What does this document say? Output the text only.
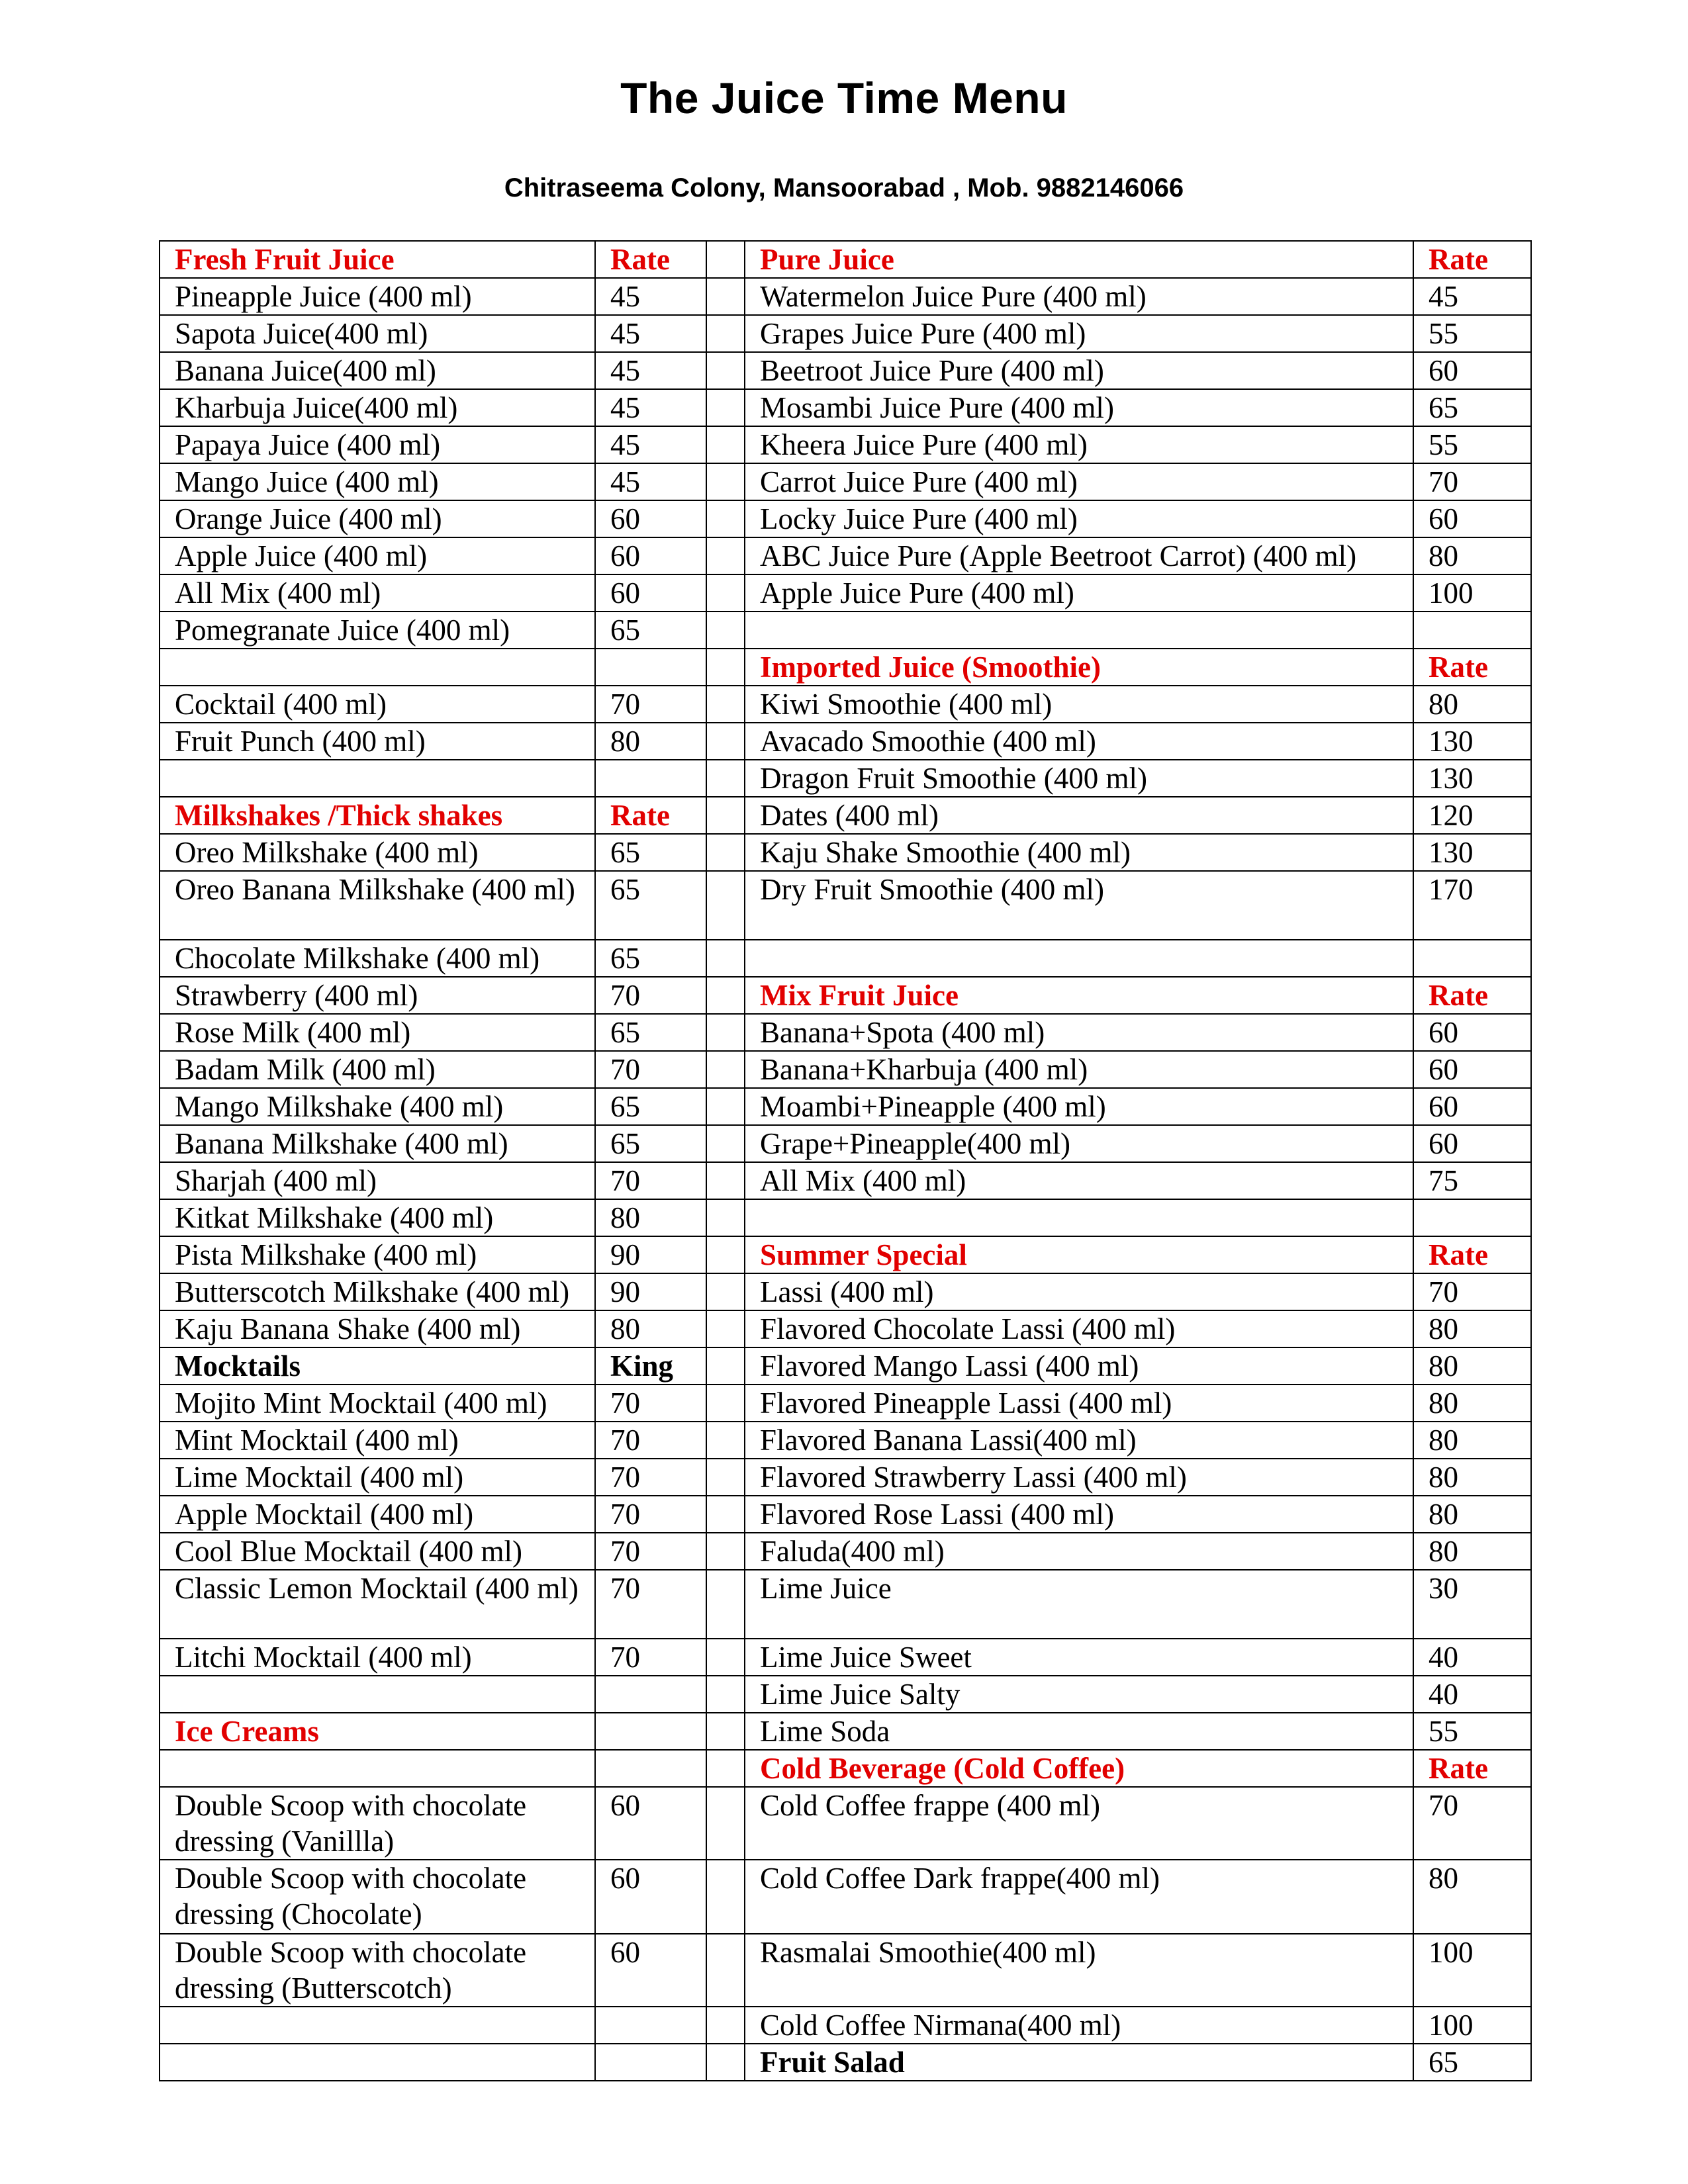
The Juice Time Menu
Chitraseema Colony, Mansoorabad , Mob. 9882146066
Fresh Fruit Juice	Rate		Pure Juice	Rate
Pineapple Juice (400 ml)	45		Watermelon Juice Pure (400 ml)	45
Sapota Juice(400 ml)	45		Grapes Juice Pure (400 ml)	55
Banana Juice(400 ml)	45		Beetroot Juice Pure (400 ml)	60
Kharbuja Juice(400 ml)	45		Mosambi Juice Pure (400 ml)	65
Papaya Juice (400 ml)	45		Kheera Juice Pure (400 ml)	55
Mango Juice (400 ml)	45		Carrot Juice Pure (400 ml)	70
Orange Juice (400 ml)	60		Locky Juice Pure (400 ml)	60
Apple Juice (400 ml)	60		ABC Juice Pure (Apple Beetroot Carrot) (400 ml)	80
All Mix (400 ml)	60		Apple Juice Pure (400 ml)	100
Pomegranate Juice (400 ml)	65			
			Imported Juice (Smoothie)	Rate
Cocktail (400 ml)	70		Kiwi Smoothie (400 ml)	80
Fruit Punch (400 ml)	80		Avacado Smoothie (400 ml)	130
			Dragon Fruit Smoothie (400 ml)	130
Milkshakes /Thick shakes	Rate		Dates (400 ml)	120
Oreo Milkshake (400 ml)	65		Kaju Shake Smoothie (400 ml)	130
Oreo Banana Milkshake (400 ml)	65		Dry Fruit Smoothie (400 ml)	170
Chocolate Milkshake (400 ml)	65			
Strawberry (400 ml)	70		Mix Fruit Juice	Rate
Rose Milk (400 ml)	65		Banana+Spota (400 ml)	60
Badam Milk (400 ml)	70		Banana+Kharbuja (400 ml)	60
Mango Milkshake (400 ml)	65		Moambi+Pineapple (400 ml)	60
Banana Milkshake (400 ml)	65		Grape+Pineapple(400 ml)	60
Sharjah (400 ml)	70		All Mix (400 ml)	75
Kitkat Milkshake (400 ml)	80			
Pista Milkshake (400 ml)	90		Summer Special	Rate
Butterscotch Milkshake (400 ml)	90		Lassi (400 ml)	70
Kaju Banana Shake (400 ml)	80		Flavored Chocolate Lassi (400 ml)	80
Mocktails	King		Flavored Mango Lassi (400 ml)	80
Mojito Mint Mocktail (400 ml)	70		Flavored Pineapple Lassi (400 ml)	80
Mint Mocktail (400 ml)	70		Flavored Banana Lassi(400 ml)	80
Lime Mocktail (400 ml)	70		Flavored Strawberry Lassi (400 ml)	80
Apple Mocktail (400 ml)	70		Flavored Rose Lassi (400 ml)	80
Cool Blue Mocktail (400 ml)	70		Faluda(400 ml)	80
Classic Lemon Mocktail (400 ml)	70		Lime Juice	30
Litchi Mocktail (400 ml)	70		Lime Juice Sweet	40
			Lime Juice Salty	40
Ice Creams			Lime Soda	55
			Cold Beverage (Cold Coffee)	Rate
Double Scoop with chocolate dressing (Vanillla)	60		Cold Coffee frappe (400 ml)	70
Double Scoop with chocolate dressing (Chocolate)	60		Cold Coffee Dark frappe(400 ml)	80
Double Scoop with chocolate dressing (Butterscotch)	60		Rasmalai Smoothie(400 ml)	100
			Cold Coffee Nirmana(400 ml)	100
			Fruit Salad	65
